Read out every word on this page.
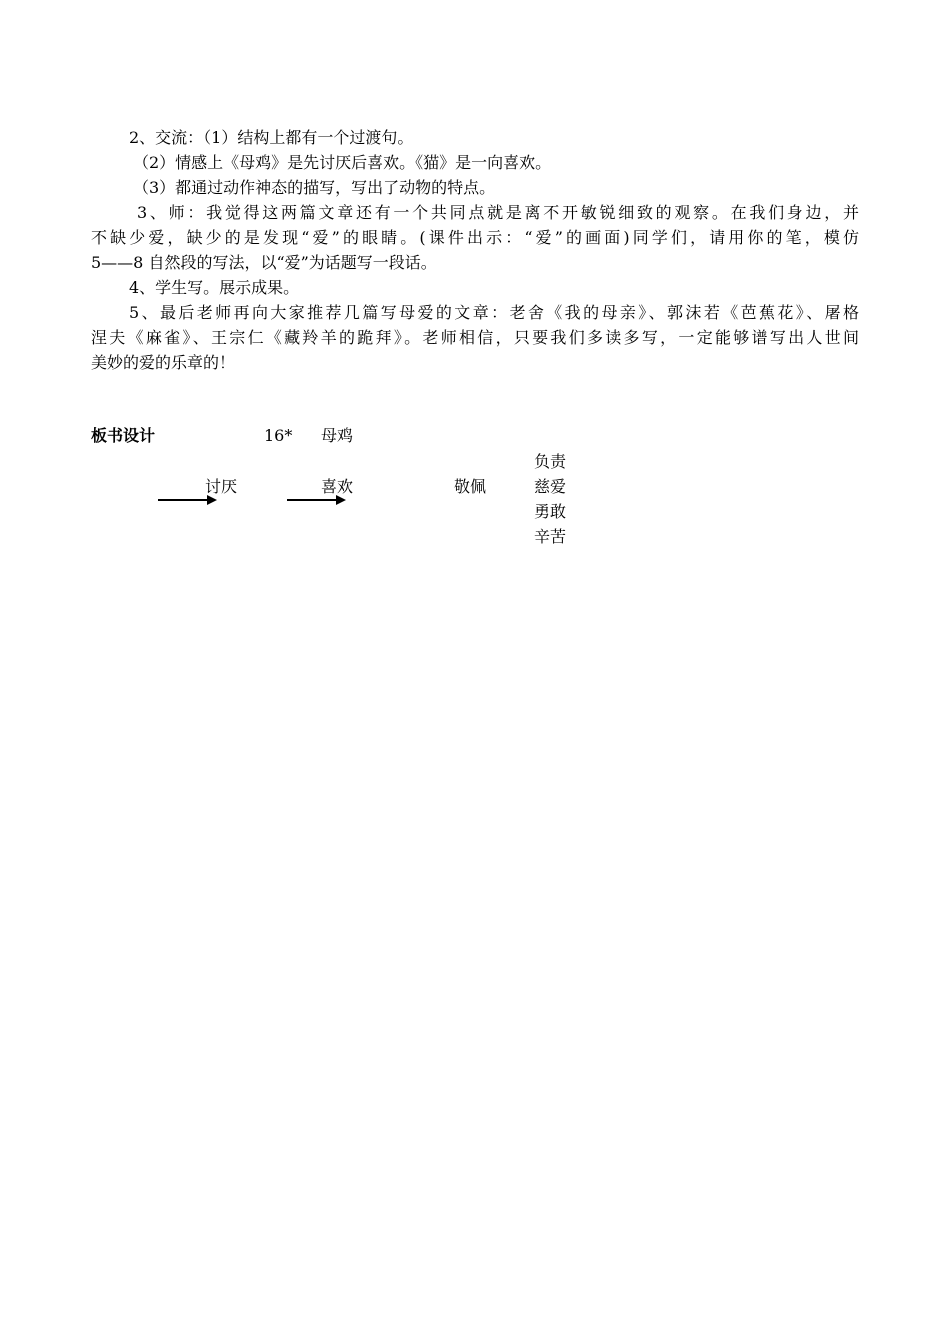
2、交流：（1）结构上都有一个过渡句。
（2）情感上《母鸡》是先讨厌后喜欢。《猫》是一向喜欢。
（3）都通过动作神态的描写，写出了动物的特点。
3、师：我觉得这两篇文章还有一个共同点就是离不开敏锐细致的观察。在我们身边，并
不缺少爱，缺少的是发现“爱”的眼睛。(课件出示：“爱”的画面)同学们，请用你的笔，模仿
5——8 自然段的写法，以“爱”为话题写一段话。
4、学生写。展示成果。
5、最后老师再向大家推荐几篇写母爱的文章：老舍《我的母亲》、郭沫若《芭蕉花》、屠格
涅夫《麻雀》、王宗仁《藏羚羊的跪拜》。老师相信，只要我们多读多写，一定能够谱写出人世间
美妙的爱的乐章的！
板书设计	16* 母鸡
负责
讨厌	喜欢	敬佩	慈爱
勇敢
辛苦
